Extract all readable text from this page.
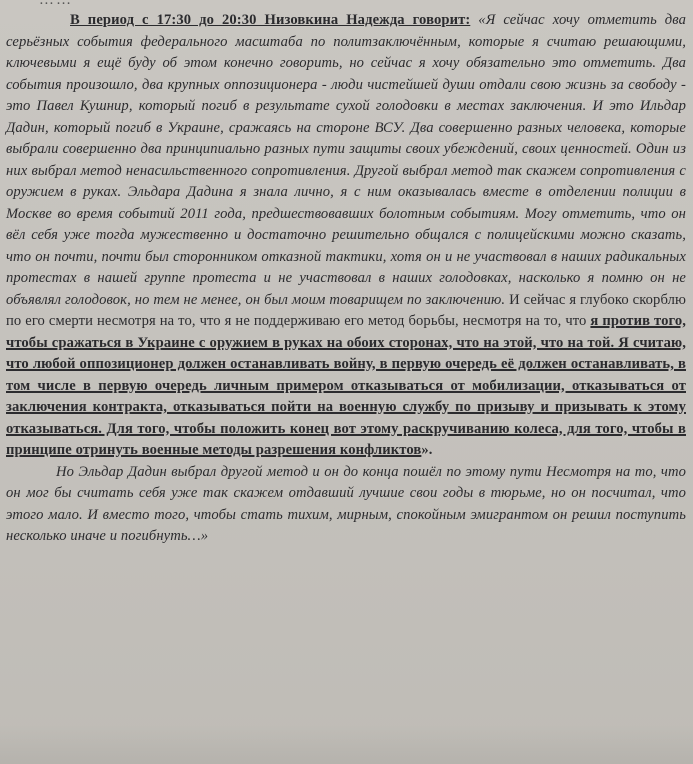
В период с 17:30 до 20:30 Низовкина Надежда говорит: «Я сейчас хочу отметить два серьёзных события федерального масштаба по политзаключённым, которые я считаю решающими, ключевыми я ещё буду об этом конечно говорить, но сейчас я хочу обязательно это отметить. Два события произошло, два крупных оппозиционера - люди чистейшей души отдали свою жизнь за свободу - это Павел Кушнир, который погиб в результате сухой голодовки в местах заключения. И это Ильдар Дадин, который погиб в Украине, сражаясь на стороне ВСУ. Два совершенно разных человека, которые выбрали совершенно два принципиально разных пути защиты своих убеждений, своих ценностей. Один из них выбрал метод ненасильственного сопротивления. Другой выбрал метод так скажем сопротивления с оружием в руках. Эльдара Дадина я знала лично, я с ним оказывалась вместе в отделении полиции в Москве во время событий 2011 года, предшествовавших болотным событиям. Могу отметить, что он вёл себя уже тогда мужественно и достаточно решительно общался с полицейскими можно сказать, что он почти, почти был сторонником отказной тактики, хотя он и не участвовал в наших радикальных протестах в нашей группе протеста и не участвовал в наших голодовках, насколько я помню он не объявлял голодовок, но тем не менее, он был моим товарищем по заключению. И сейчас я глубоко скорблю по его смерти несмотря на то, что я не поддерживаю его метод борьбы, несмотря на то, что я против того, чтобы сражаться в Украине с оружием в руках на обоих сторонах, что на этой, что на той. Я считаю, что любой оппозиционер должен останавливать войну, в первую очередь её должен останавливать, в том числе в первую очередь личным примером отказываться от мобилизации, отказываться от заключения контракта, отказываться пойти на военную службу по призыву и призывать к этому отказываться. Для того, чтобы положить конец вот этому раскручиванию колеса, для того, чтобы в принципе отринуть военные методы разрешения конфликтов».

Но Эльдар Дадин выбрал другой метод и он до конца пошёл по этому пути Несмотря на то, что он мог бы считать себя уже так скажем отдавший лучшие свои годы в тюрьме, но он посчитал, что этого мало. И вместо того, чтобы стать тихим, мирным, спокойным эмигрантом он решил поступить несколько иначе и погибнуть…»
